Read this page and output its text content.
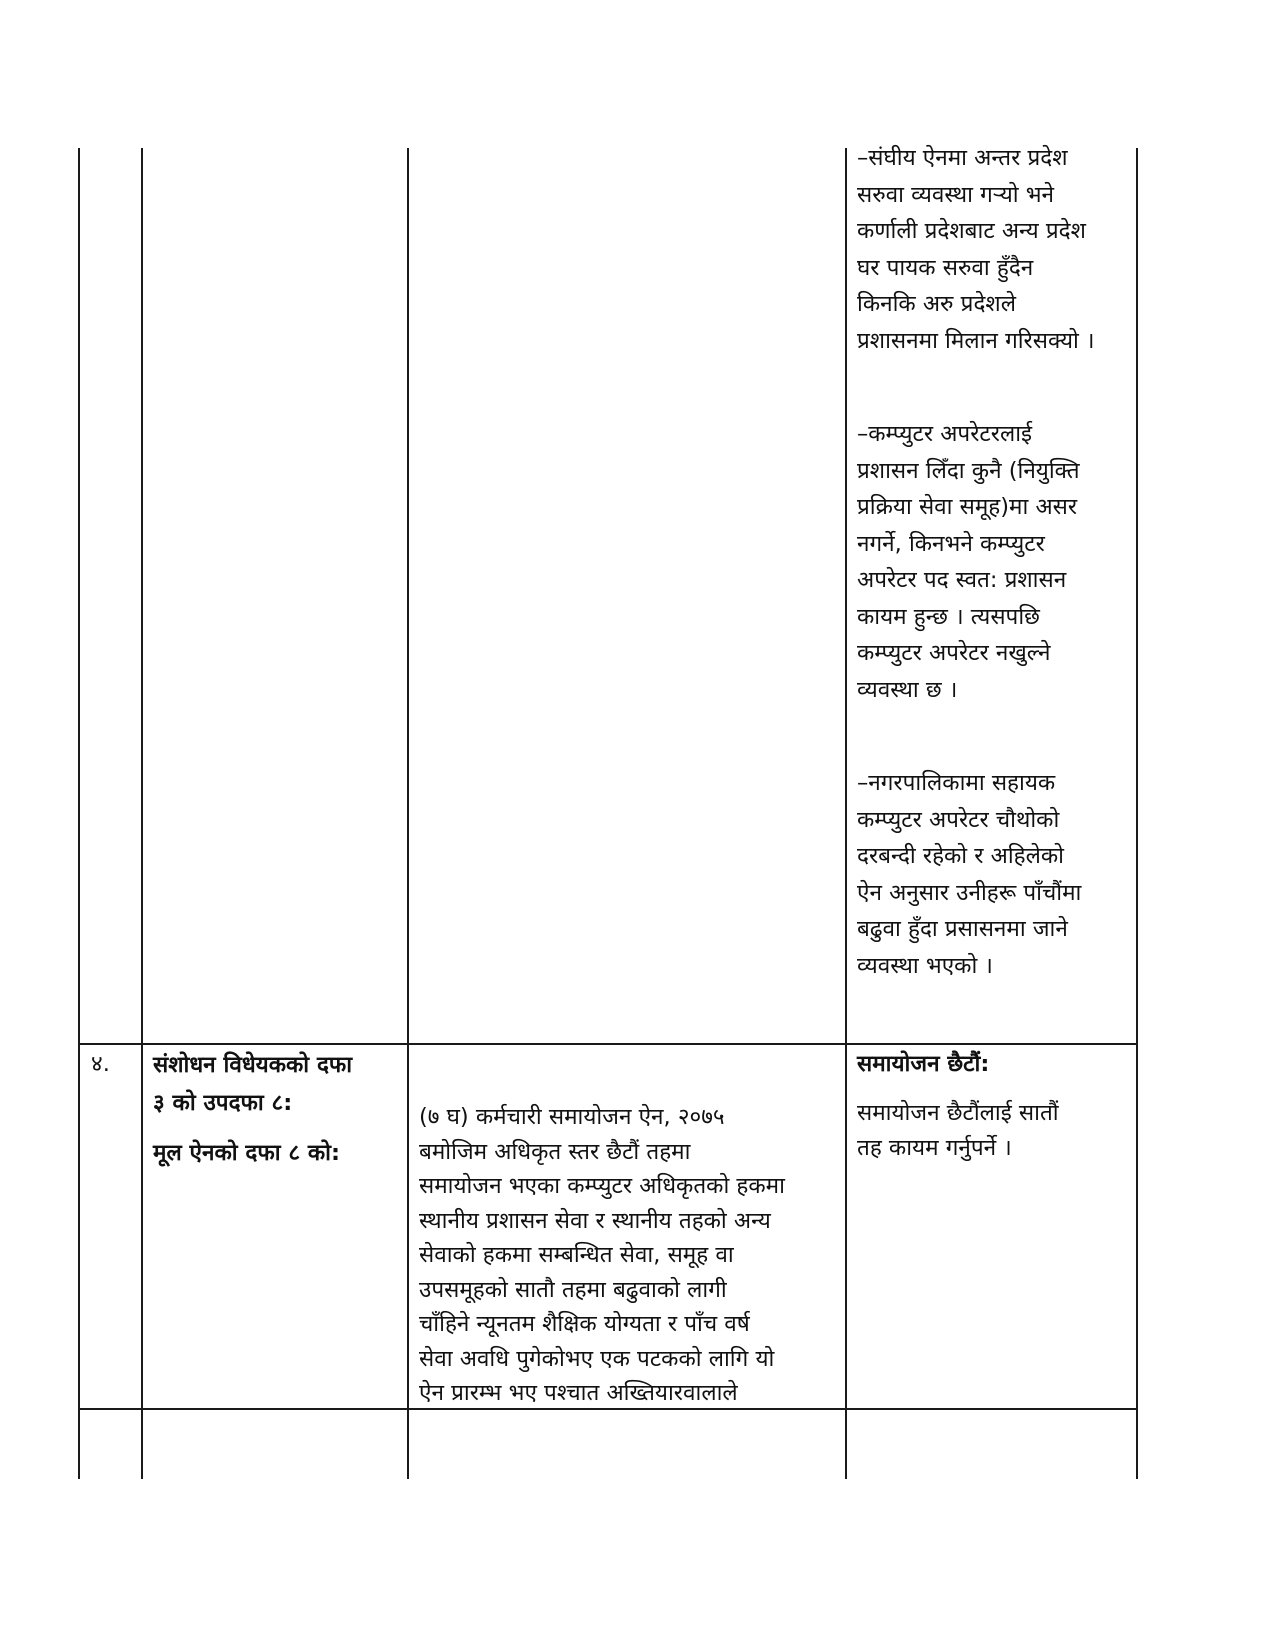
–संघीय ऐनमा अन्तर प्रदेश
सरुवा व्यवस्था गऱ्यो भने
कर्णाली प्रदेशबाट अन्य प्रदेश
घर पायक सरुवा हुँदैन
किनकि अरु प्रदेशले
प्रशासनमा मिलान गरिसक्यो ।
–कम्प्युटर अपरेटरलाई
प्रशासन लिँदा कुनै (नियुक्ति
प्रक्रिया सेवा समूह)मा असर
नगर्ने, किनभने कम्प्युटर
अपरेटर पद स्वत: प्रशासन
कायम हुन्छ । त्यसपछि
कम्प्युटर अपरेटर नखुल्ने
व्यवस्था छ ।
–नगरपालिकामा सहायक
कम्प्युटर अपरेटर चौथोको
दरबन्दी रहेको र अहिलेको
ऐन अनुसार उनीहरू पाँचौंमा
बढुवा हुँदा प्रसासनमा जाने
व्यवस्था भएको ।
४. संशोधन विधेयकको दफा
३ को उपदफा ८:
मूल ऐनको दफा ८ को:
(७ घ) कर्मचारी समायोजन ऐन, २०७५
बमोजिम अधिकृत स्तर छैटौं तहमा
समायोजन भएका कम्प्युटर अधिकृतको हकमा
स्थानीय प्रशासन सेवा र स्थानीय तहको अन्य
सेवाको हकमा सम्बन्धित सेवा, समूह वा
उपसमूहको सातौ तहमा बढुवाको लागी
चाँहिने न्यूनतम शैक्षिक योग्यता र पाँच वर्ष
सेवा अवधि पुगेकोभए एक पटकको लागि यो
ऐन प्रारम्भ भए पश्चात अख्तियारवालाले
समायोजन छैटौं:
समायोजन छैटौंलाई सातौं
तह कायम गर्नुपर्ने ।
